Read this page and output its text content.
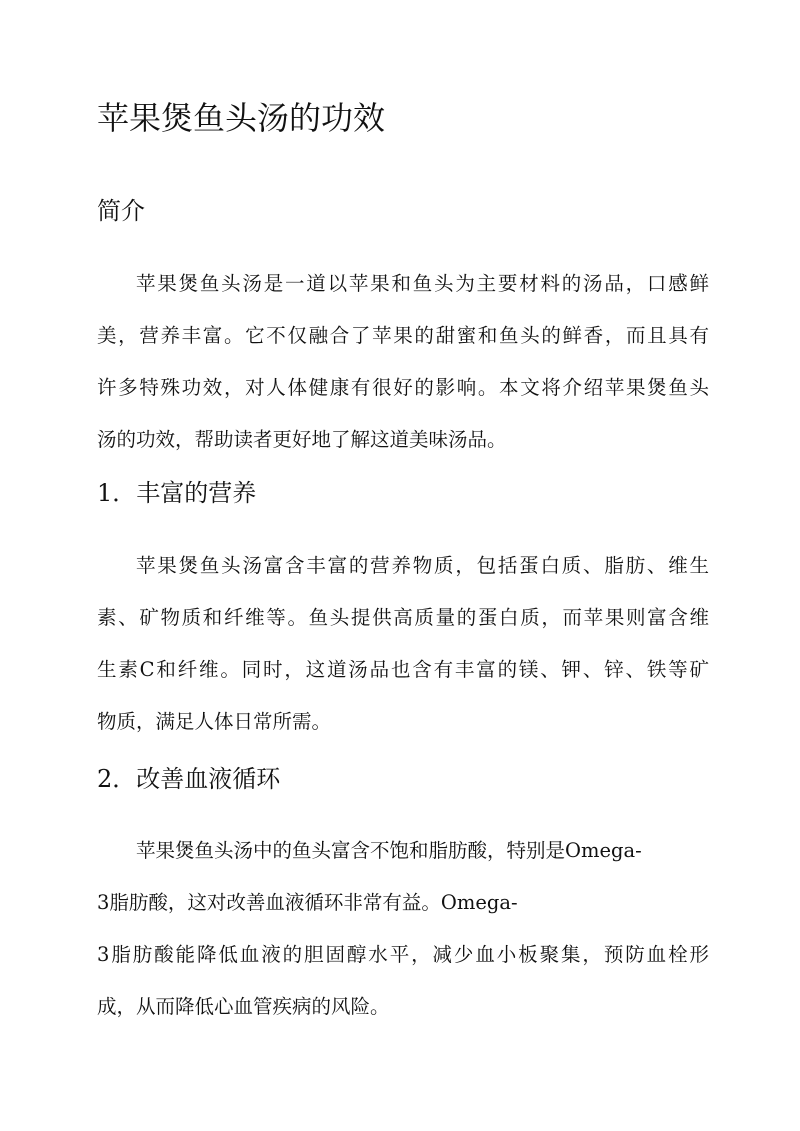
苹果煲鱼头汤的功效
简介
苹果煲鱼头汤是一道以苹果和鱼头为主要材料的汤品，口感鲜
美，营养丰富。它不仅融合了苹果的甜蜜和鱼头的鲜香，而且具有
许多特殊功效，对人体健康有很好的影响。本文将介绍苹果煲鱼头
汤的功效，帮助读者更好地了解这道美味汤品。
1．丰富的营养
苹果煲鱼头汤富含丰富的营养物质，包括蛋白质、脂肪、维生
素、矿物质和纤维等。鱼头提供高质量的蛋白质，而苹果则富含维
生素C和纤维。同时，这道汤品也含有丰富的镁、钾、锌、铁等矿
物质，满足人体日常所需。
2．改善血液循环
苹果煲鱼头汤中的鱼头富含不饱和脂肪酸，特别是Omega-
3脂肪酸，这对改善血液循环非常有益。Omega-
3脂肪酸能降低血液的胆固醇水平，减少血小板聚集，预防血栓形
成，从而降低心血管疾病的风险。
